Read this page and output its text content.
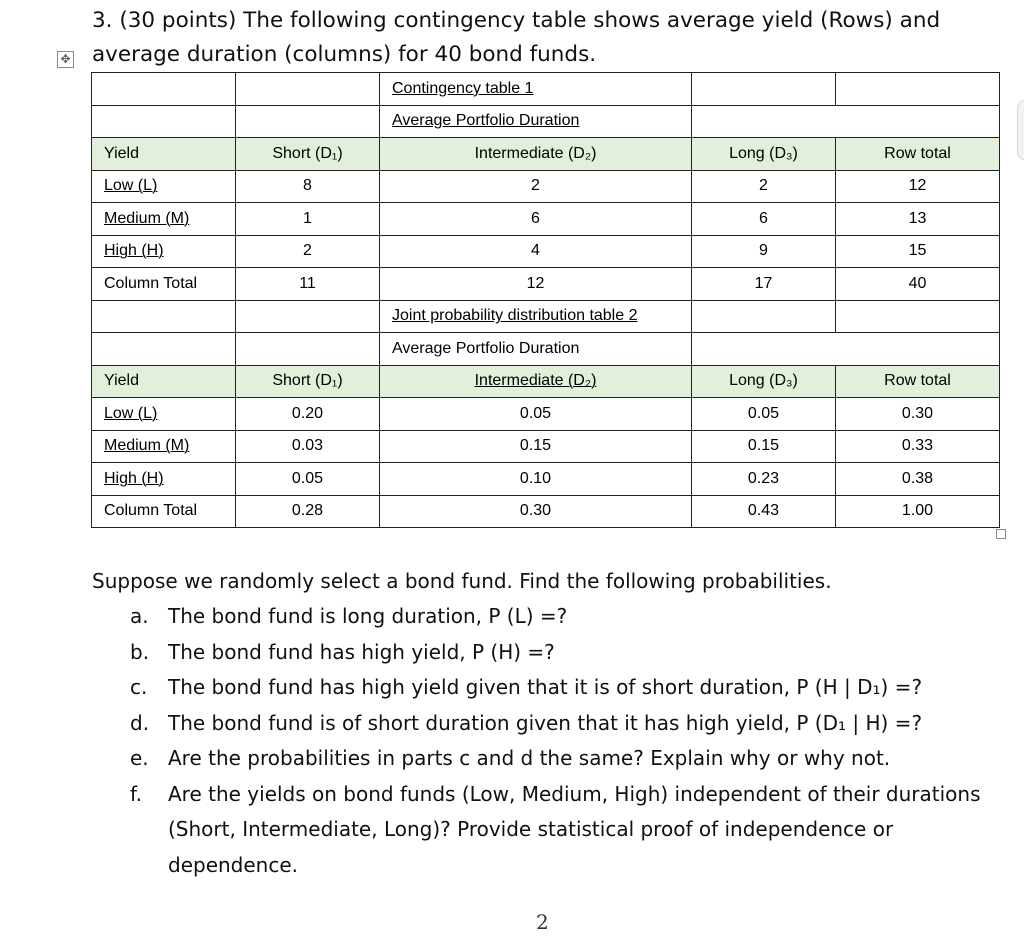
3. (30 points) The following contingency table shows average yield (Rows) and average duration (columns) for 40 bond funds.
✥
		Contingency table 1		
		Average Portfolio Duration		
Yield	Short (D₁)	Intermediate (D₂)	Long (D₃)	Row total
Low (L)	8	2	2	12
Medium (M)	1	6	6	13
High (H)	2	4	9	15
Column Total	11	12	17	40
		Joint probability distribution table 2		
		Average Portfolio Duration		
Yield	Short (D₁)	Intermediate (D₂)	Long (D₃)	Row total
Low (L)	0.20	0.05	0.05	0.30
Medium (M)	0.03	0.15	0.15	0.33
High (H)	0.05	0.10	0.23	0.38
Column Total	0.28	0.30	0.43	1.00
Suppose we randomly select a bond fund. Find the following probabilities.
a. The bond fund is long duration, P (L) =?
b. The bond fund has high yield, P (H) =?
c. The bond fund has high yield given that it is of short duration, P (H | D₁) =?
d. The bond fund is of short duration given that it has high yield, P (D₁ | H) =?
e. Are the probabilities in parts c and d the same? Explain why or why not.
f. Are the yields on bond funds (Low, Medium, High) independent of their durations (Short, Intermediate, Long)? Provide statistical proof of independence or dependence.
2
